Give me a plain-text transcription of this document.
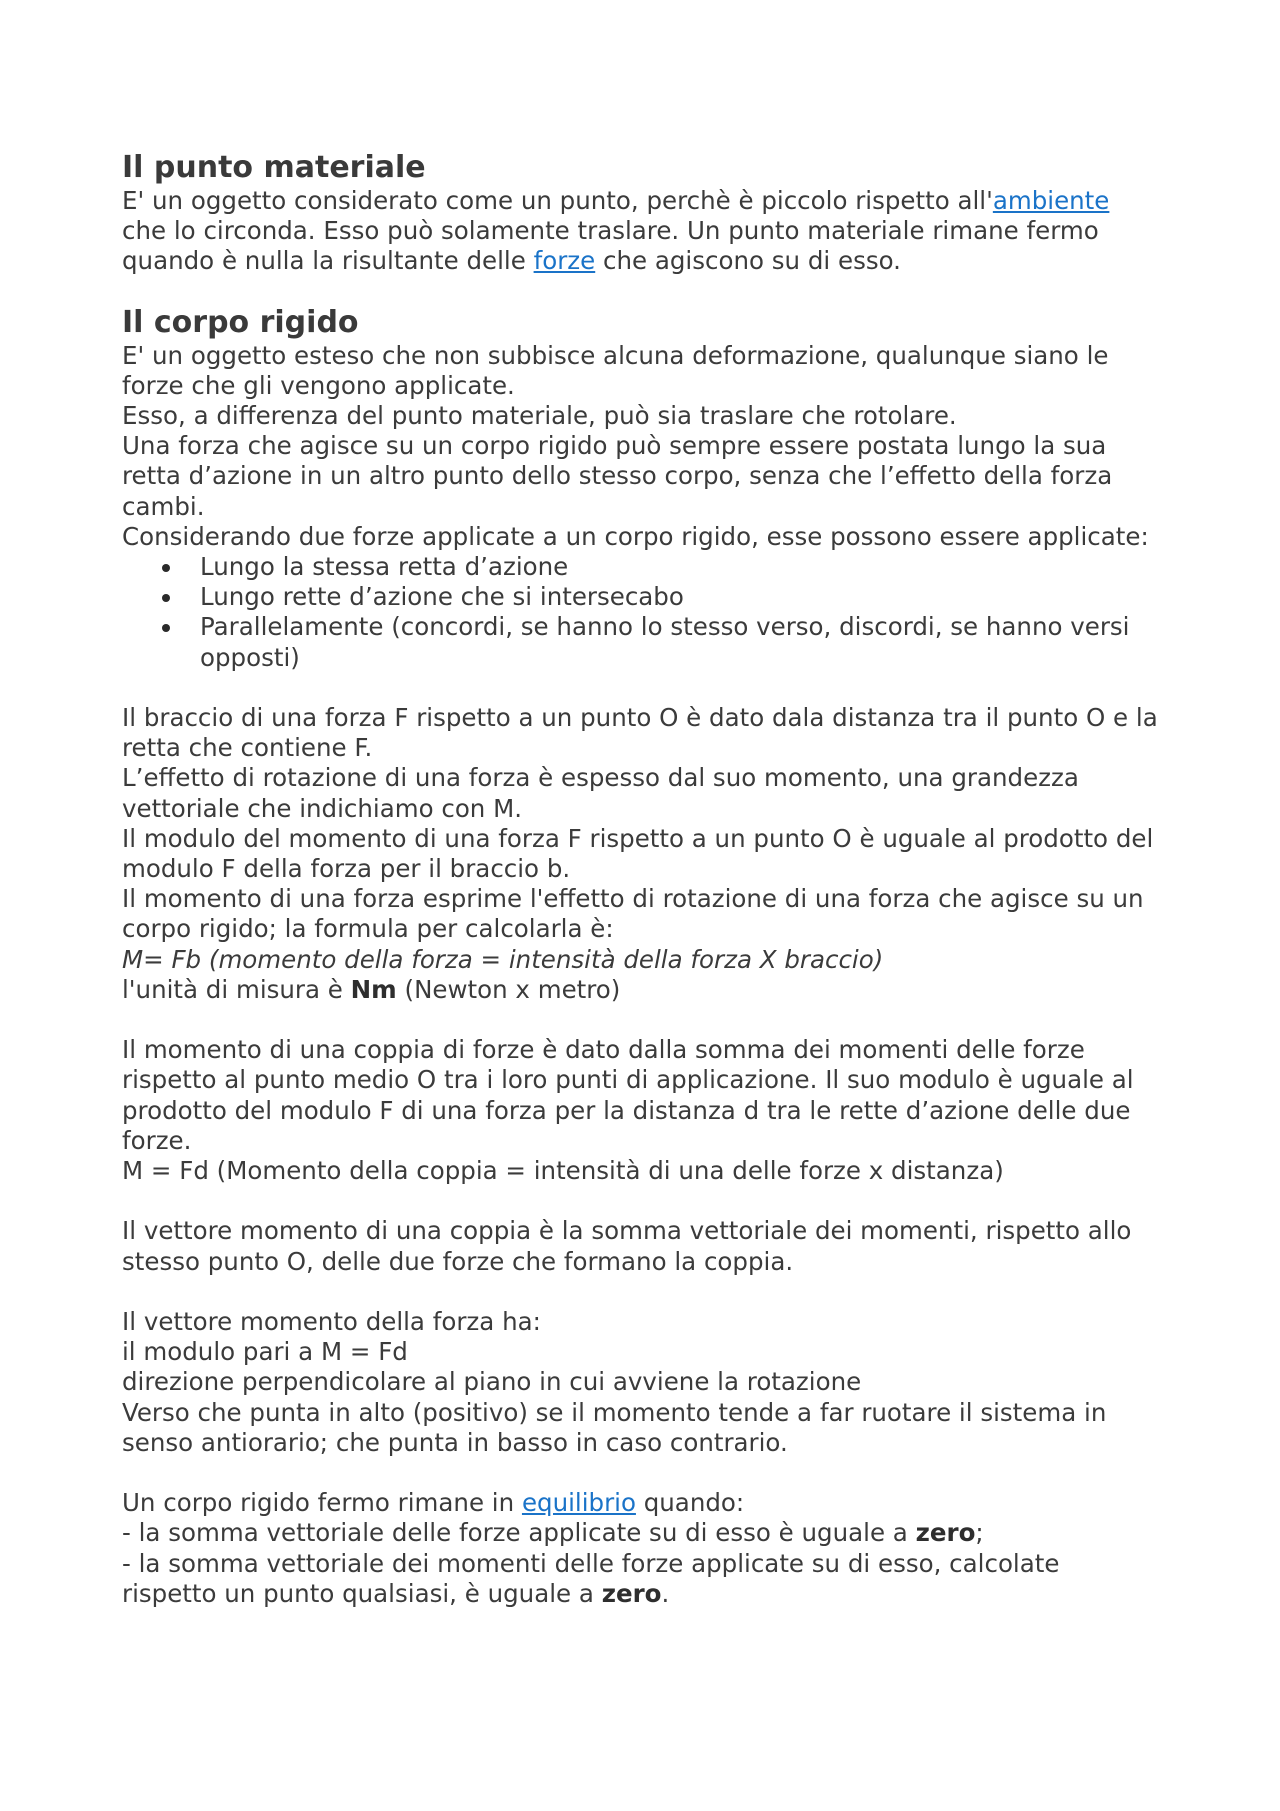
Il punto materiale

E' un oggetto considerato come un punto, perchè è piccolo rispetto all'ambiente che lo circonda. Esso può solamente traslare. Un punto materiale rimane fermo quando è nulla la risultante delle forze che agiscono su di esso.

Il corpo rigido

E' un oggetto esteso che non subbisce alcuna deformazione, qualunque siano le forze che gli vengono applicate.

Esso, a differenza del punto materiale, può sia traslare che rotolare.

Una forza che agisce su un corpo rigido può sempre essere postata lungo la sua retta d’azione in un altro punto dello stesso corpo, senza che l’effetto della forza cambi.

Considerando due forze applicate a un corpo rigido, esse possono essere applicate:

Lungo la stessa retta d’azione
Lungo rette d’azione che si intersecabo
Parallelamente (concordi, se hanno lo stesso verso, discordi, se hanno versi opposti)

Il braccio di una forza F rispetto a un punto O è dato dala distanza tra il punto O e la retta che contiene F.

L’effetto di rotazione di una forza è espesso dal suo momento, una grandezza vettoriale che indichiamo con M.

Il modulo del momento di una forza F rispetto a un punto O è uguale al prodotto del modulo F della forza per il braccio b.

Il momento di una forza esprime l'effetto di rotazione di una forza che agisce su un corpo rigido; la formula per calcolarla è:

M= Fb (momento della forza = intensità della forza X braccio)

l'unità di misura è Nm (Newton x metro)

Il momento di una coppia di forze è dato dalla somma dei momenti delle forze rispetto al punto medio O tra i loro punti di applicazione. Il suo modulo è uguale al prodotto del modulo F di una forza per la distanza d tra le rette d’azione delle due forze.

M = Fd (Momento della coppia = intensità di una delle forze x distanza)

Il vettore momento di una coppia è la somma vettoriale dei momenti, rispetto allo stesso punto O, delle due forze che formano la coppia.

Il vettore momento della forza ha:

il modulo pari a M = Fd

direzione perpendicolare al piano in cui avviene la rotazione

Verso che punta in alto (positivo) se il momento tende a far ruotare il sistema in senso antiorario; che punta in basso in caso contrario.

Un corpo rigido fermo rimane in equilibrio quando:

- la somma vettoriale delle forze applicate su di esso è uguale a zero;

- la somma vettoriale dei momenti delle forze applicate su di esso, calcolate rispetto un punto qualsiasi, è uguale a zero.
